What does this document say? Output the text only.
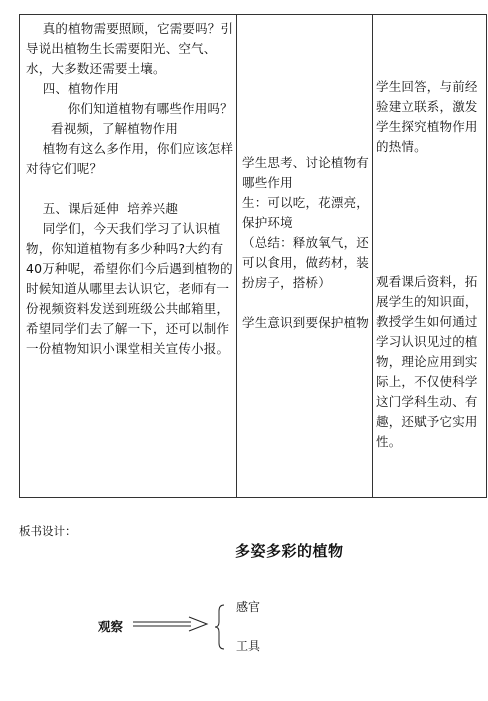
真的植物需要照顾，它需要吗？引导说出植物生长需要阳光、空气、水，大多数还需要土壤。

四、植物作用

你们知道植物有哪些作用吗？

看视频，了解植物作用

植物有这么多作用，你们应该怎样对待它们呢？

五、课后延伸  培养兴趣

同学们，今天我们学习了认识植物，你知道植物有多少种吗?大约有40万种呢，希望你们今后遇到植物的时候知道从哪里去认识它，老师有一份视频资料发送到班级公共邮箱里，希望同学们去了解一下，还可以制作一份植物知识小课堂相关宣传小报。

学生思考、讨论植物有哪些作用

生：可以吃，花漂亮，保护环境

（总结：释放氧气，还可以食用，做药材，装扮房子，搭桥）

学生意识到要保护植物

学生回答，与前经验建立联系，激发学生探究植物作用的热情。

观看课后资料，拓展学生的知识面，教授学生如何通过学习认识见过的植物，理论应用到实际上，不仅使科学这门学科生动、有趣，还赋予它实用性。

板书设计：
多姿多彩的植物
观察
感官
工具
